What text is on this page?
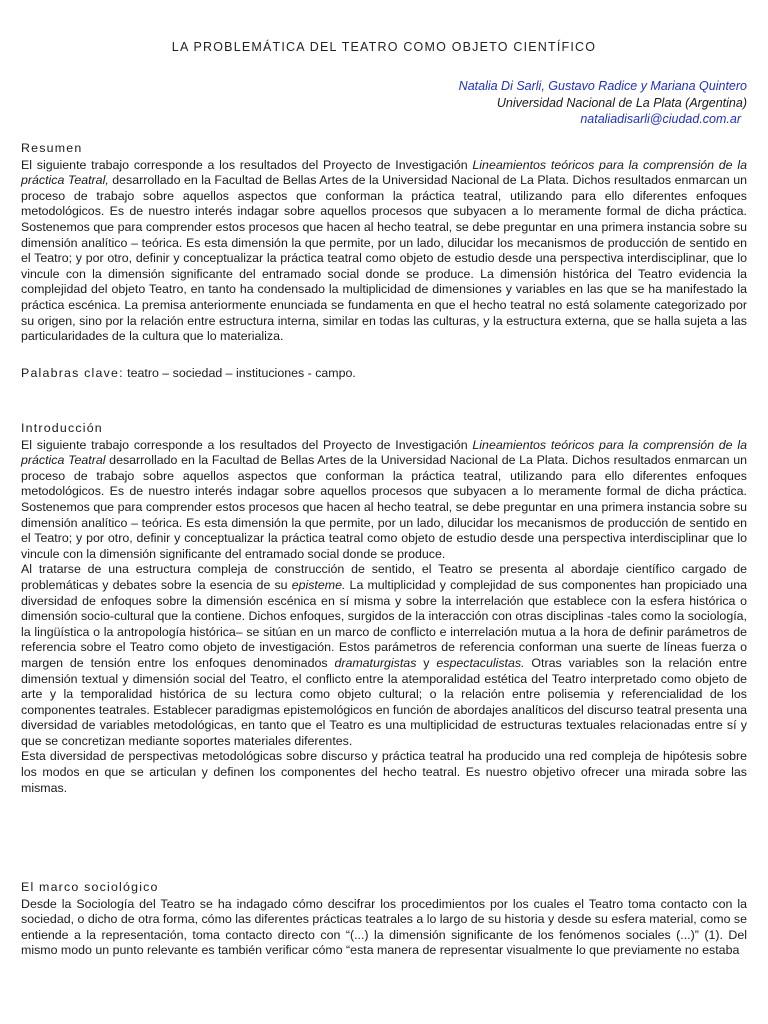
LA PROBLEMÁTICA DEL TEATRO COMO OBJETO CIENTÍFICO
Natalia Di Sarli, Gustavo Radice y Mariana Quintero
Universidad Nacional de La Plata (Argentina)
nataliadisarli@ciudad.com.ar
Resumen

El siguiente trabajo corresponde a los resultados del Proyecto de Investigación Lineamientos teóricos para la comprensión de la práctica Teatral, desarrollado en la Facultad de Bellas Artes de la Universidad Nacional de La Plata. Dichos resultados enmarcan un proceso de trabajo sobre aquellos aspectos que conforman la práctica teatral, utilizando para ello diferentes enfoques metodológicos. Es de nuestro interés indagar sobre aquellos procesos que subyacen a lo meramente formal de dicha práctica. Sostenemos que para comprender estos procesos que hacen al hecho teatral, se debe preguntar en una primera instancia sobre su dimensión analítico – teórica. Es esta dimensión la que permite, por un lado, dilucidar los mecanismos de producción de sentido en el Teatro; y por otro, definir y conceptualizar la práctica teatral como objeto de estudio desde una perspectiva interdisciplinar, que lo vincule con la dimensión significante del entramado social donde se produce. La dimensión histórica del Teatro evidencia la complejidad del objeto Teatro, en tanto ha condensado la multiplicidad de dimensiones y variables en las que se ha manifestado la práctica escénica. La premisa anteriormente enunciada se fundamenta en que el hecho teatral no está solamente categorizado por su origen, sino por la relación entre estructura interna, similar en todas las culturas, y la estructura externa, que se halla sujeta a las particularidades de la cultura que lo materializa.

Palabras clave: teatro – sociedad – instituciones - campo.
Introducción

El siguiente trabajo corresponde a los resultados del Proyecto de Investigación Lineamientos teóricos para la comprensión de la práctica Teatral desarrollado en la Facultad de Bellas Artes de la Universidad Nacional de La Plata. Dichos resultados enmarcan un proceso de trabajo sobre aquellos aspectos que conforman la práctica teatral, utilizando para ello diferentes enfoques metodológicos. Es de nuestro interés indagar sobre aquellos procesos que subyacen a lo meramente formal de dicha práctica. Sostenemos que para comprender estos procesos que hacen al hecho teatral, se debe preguntar en una primera instancia sobre su dimensión analítico – teórica. Es esta dimensión la que permite, por un lado, dilucidar los mecanismos de producción de sentido en el Teatro; y por otro, definir y conceptualizar la práctica teatral como objeto de estudio desde una perspectiva interdisciplinar que lo vincule con la dimensión significante del entramado social donde se produce.

Al tratarse de una estructura compleja de construcción de sentido, el Teatro se presenta al abordaje científico cargado de problemáticas y debates sobre la esencia de su episteme. La multiplicidad y complejidad de sus componentes han propiciado una diversidad de enfoques sobre la dimensión escénica en sí misma y sobre la interrelación que establece con la esfera histórica o dimensión socio-cultural que la contiene. Dichos enfoques, surgidos de la interacción con otras disciplinas -tales como la sociología, la lingüística o la antropología histórica– se sitúan en un marco de conflicto e interrelación mutua a la hora de definir parámetros de referencia sobre el Teatro como objeto de investigación. Estos parámetros de referencia conforman una suerte de líneas fuerza o margen de tensión entre los enfoques denominados dramaturgistas y espectaculistas. Otras variables son la relación entre dimensión textual y dimensión social del Teatro, el conflicto entre la atemporalidad estética del Teatro interpretado como objeto de arte y la temporalidad histórica de su lectura como objeto cultural; o la relación entre polisemia y referencialidad de los componentes teatrales. Establecer paradigmas epistemológicos en función de abordajes analíticos del discurso teatral presenta una diversidad de variables metodológicas, en tanto que el Teatro es una multiplicidad de estructuras textuales relacionadas entre sí y que se concretizan mediante soportes materiales diferentes.

Esta diversidad de perspectivas metodológicas sobre discurso y práctica teatral ha producido una red compleja de hipótesis sobre los modos en que se articulan y definen los componentes del hecho teatral. Es nuestro objetivo ofrecer una mirada sobre las mismas.

El marco sociológico

Desde la Sociología del Teatro se ha indagado cómo descifrar los procedimientos por los cuales el Teatro toma contacto con la sociedad, o dicho de otra forma, cómo las diferentes prácticas teatrales a lo largo de su historia y desde su esfera material, como se entiende a la representación, toma contacto directo con “(...) la dimensión significante de los fenómenos sociales (...)” (1). Del mismo modo un punto relevante es también verificar cómo “esta manera de representar visualmente lo que previamente no estaba
